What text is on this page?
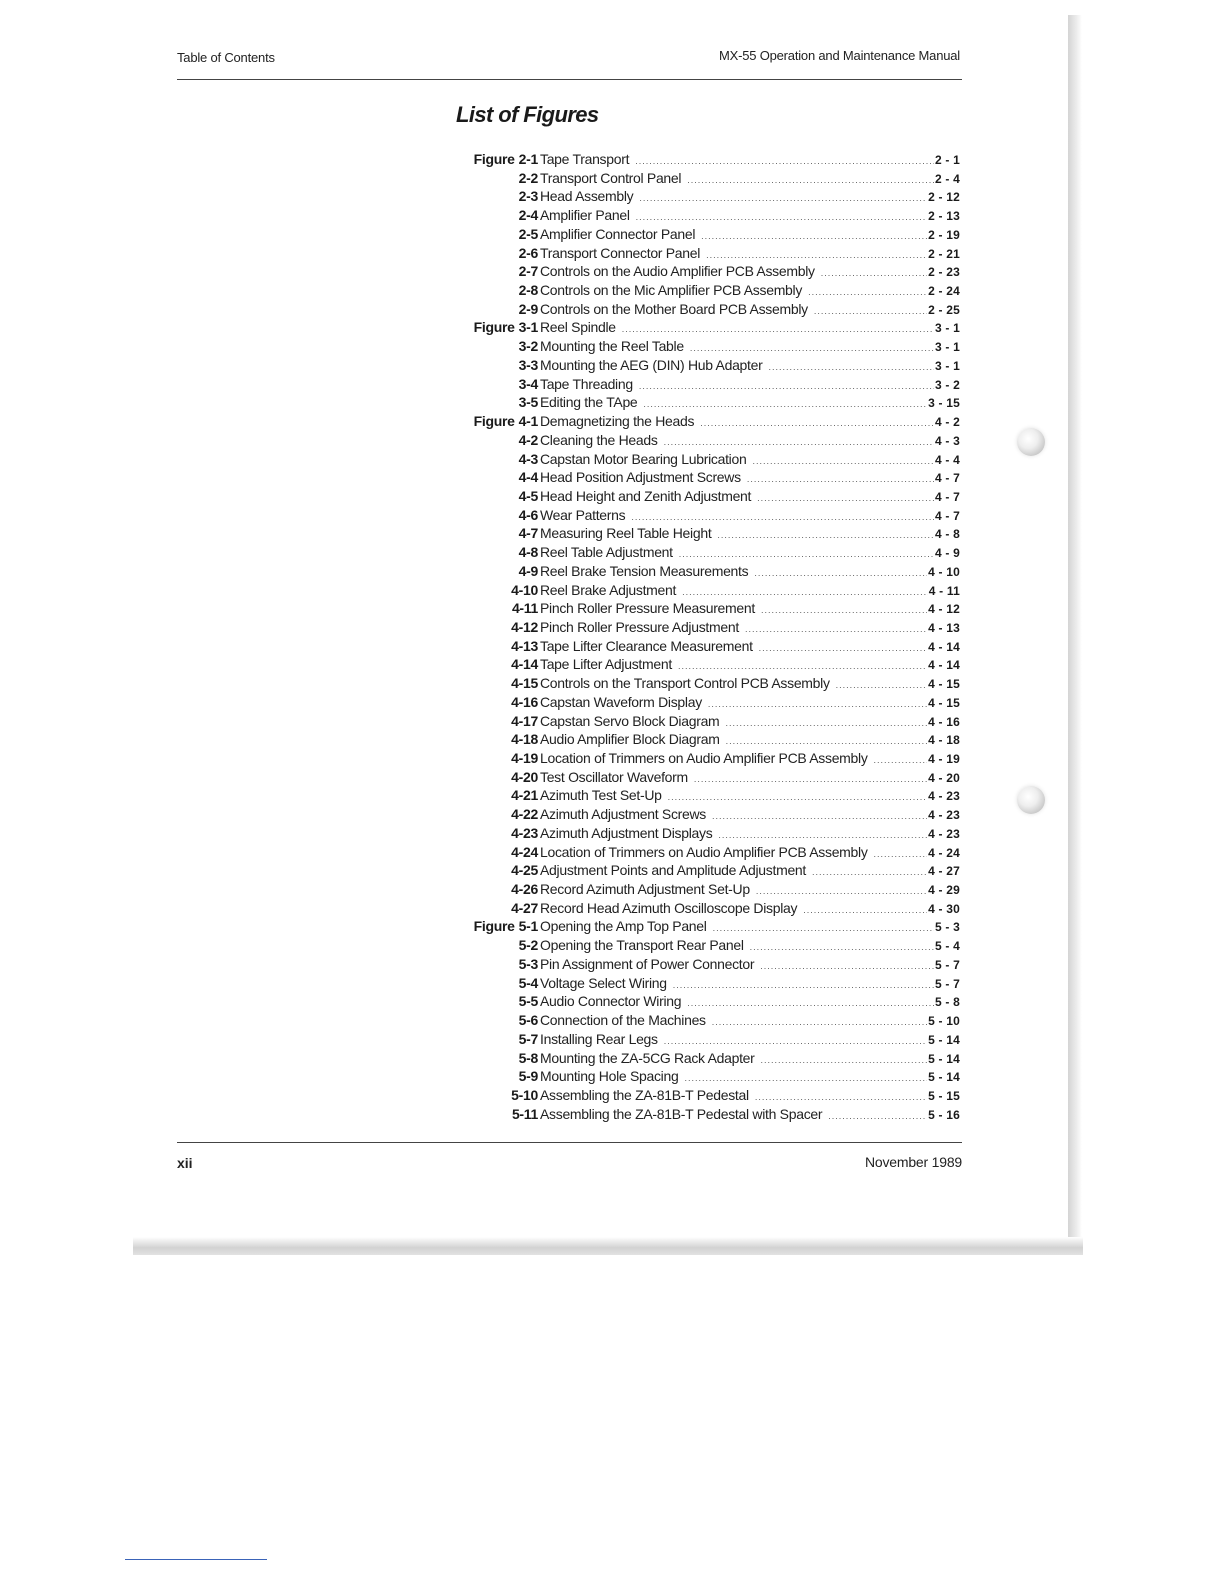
Table of Contents	MX-55 Operation and Maintenance Manual
List of Figures
Figure 2-1 Tape Transport .....	2 - 1
2-2 Transport Control Panel .....	2 - 4
2-3 Head Assembly .....	2 - 12
2-4 Amplifier Panel .....	2 - 13
2-5 Amplifier Connector Panel .....	2 - 19
2-6 Transport Connector Panel .....	2 - 21
2-7 Controls on the Audio Amplifier PCB Assembly .....	2 - 23
2-8 Controls on the Mic Amplifier PCB Assembly .....	2 - 24
2-9 Controls on the Mother Board PCB Assembly .....	2 - 25
Figure 3-1 Reel Spindle .....	3 - 1
3-2 Mounting the Reel Table .....	3 - 1
3-3 Mounting the AEG (DIN) Hub Adapter .....	3 - 1
3-4 Tape Threading .....	3 - 2
3-5 Editing the TApe .....	3 - 15
Figure 4-1 Demagnetizing the Heads .....	4 - 2
4-2 Cleaning the Heads .....	4 - 3
4-3 Capstan Motor Bearing Lubrication .....	4 - 4
4-4 Head Position Adjustment Screws .....	4 - 7
4-5 Head Height and Zenith Adjustment .....	4 - 7
4-6 Wear Patterns .....	4 - 7
4-7 Measuring Reel Table Height .....	4 - 8
4-8 Reel Table Adjustment .....	4 - 9
4-9 Reel Brake Tension Measurements .....	4 - 10
4-10 Reel Brake Adjustment .....	4 - 11
4-11 Pinch Roller Pressure Measurement .....	4 - 12
4-12 Pinch Roller Pressure Adjustment .....	4 - 13
4-13 Tape Lifter Clearance Measurement .....	4 - 14
4-14 Tape Lifter Adjustment .....	4 - 14
4-15 Controls on the Transport Control PCB Assembly .....	4 - 15
4-16 Capstan Waveform Display .....	4 - 15
4-17 Capstan Servo Block Diagram .....	4 - 16
4-18 Audio Amplifier Block Diagram .....	4 - 18
4-19 Location of Trimmers on Audio Amplifier PCB Assembly .....	4 - 19
4-20 Test Oscillator Waveform .....	4 - 20
4-21 Azimuth Test Set-Up .....	4 - 23
4-22 Azimuth Adjustment Screws .....	4 - 23
4-23 Azimuth Adjustment Displays .....	4 - 23
4-24 Location of Trimmers on Audio Amplifier PCB Assembly .....	4 - 24
4-25 Adjustment Points and Amplitude Adjustment .....	4 - 27
4-26 Record Azimuth Adjustment Set-Up .....	4 - 29
4-27 Record Head Azimuth Oscilloscope Display .....	4 - 30
Figure 5-1 Opening the Amp Top Panel .....	5 - 3
5-2 Opening the Transport Rear Panel .....	5 - 4
5-3 Pin Assignment of Power Connector .....	5 - 7
5-4 Voltage Select Wiring .....	5 - 7
5-5 Audio Connector Wiring .....	5 - 8
5-6 Connection of the Machines .....	5 - 10
5-7 Installing Rear Legs .....	5 - 14
5-8 Mounting the ZA-5CG Rack Adapter .....	5 - 14
5-9 Mounting Hole Spacing .....	5 - 14
5-10 Assembling the ZA-81B-T Pedestal .....	5 - 15
5-11 Assembling the ZA-81B-T Pedestal with Spacer .....	5 - 16
xii	November 1989
